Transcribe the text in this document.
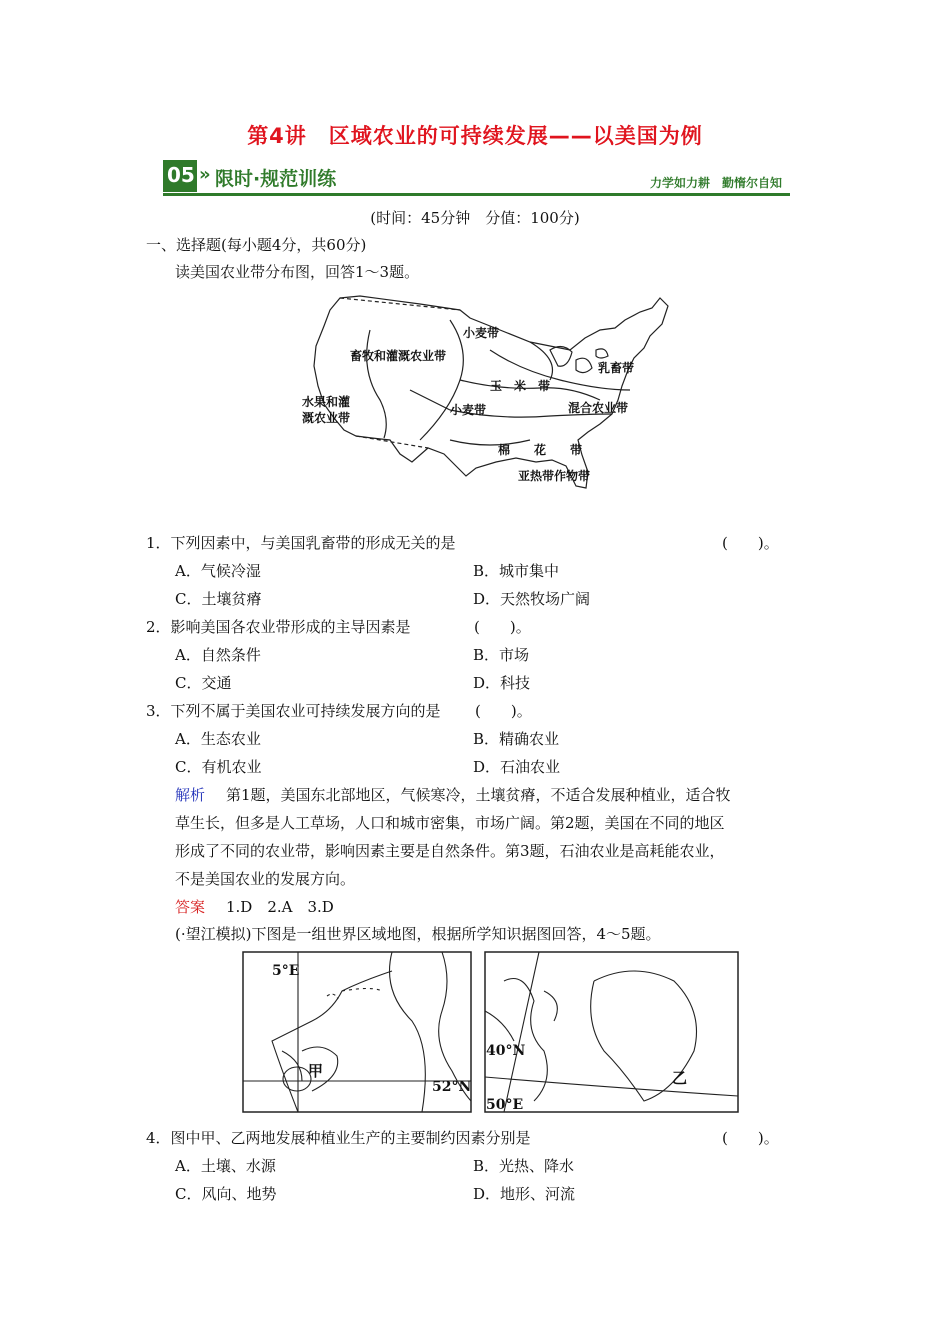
第4讲　区域农业的可持续发展——以美国为例
05 » 限时·规范训练	力学如力耕　勤惰尔自知
(时间：45分钟　分值：100分)
一、选择题(每小题4分，共60分)
读美国农业带分布图，回答1～3题。
小麦带
畜牧和灌溉农业带
乳畜带
玉　米　带
水果和灌
溉农业带
小麦带	混合农业带
棉　　花　　带
亚热带作物带
1．下列因素中，与美国乳畜带的形成无关的是	(　　)。
A．气候冷湿	B．城市集中
C．土壤贫瘠	D．天然牧场广阔
2．影响美国各农业带形成的主导因素是	(　　)。
A．自然条件	B．市场
C．交通	D．科技
3．下列不属于美国农业可持续发展方向的是 (　　)。
A．生态农业	B．精确农业
C．有机农业	D．石油农业
解析 第1题，美国东北部地区，气候寒冷，土壤贫瘠，不适合发展种植业，适合牧
草生长，但多是人工草场，人口和城市密集，市场广阔。第2题，美国在不同的地区
形成了不同的农业带，影响因素主要是自然条件。第3题，石油农业是高耗能农业，
不是美国农业的发展方向。
答案 1.D　2.A　3.D
(·望江模拟)下图是一组世界区域地图，根据所学知识据图回答，4～5题。
5°E
甲
52°N
40°N
50°E
乙
4．图中甲、乙两地发展种植业生产的主要制约因素分别是	(　　)。
A．土壤、水源	B．光热、降水
C．风向、地势	D．地形、河流
